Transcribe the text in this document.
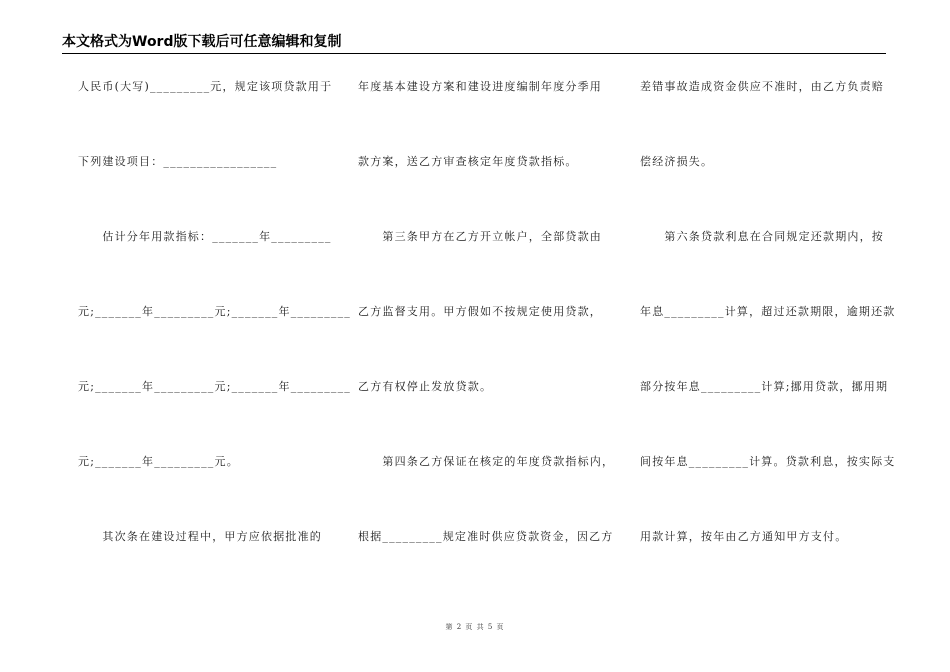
本文格式为Word版下载后可任意编辑和复制
人民币(大写)_________元，规定该项贷款用于
下列建设项目：_________________
　　估计分年用款指标：_______年_________
元;_______年_________元;_______年_________
元;_______年_________元;_______年_________
元;_______年_________元。
　　其次条在建设过程中，甲方应依据批准的
年度基本建设方案和建设进度编制年度分季用
款方案，送乙方审查核定年度贷款指标。
　　第三条甲方在乙方开立帐户，全部贷款由
乙方监督支用。甲方假如不按规定使用贷款，
乙方有权停止发放贷款。
　　第四条乙方保证在核定的年度贷款指标内，
根据_________规定准时供应贷款资金，因乙方
差错事故造成资金供应不准时，由乙方负责赔
偿经济损失。
　　第六条贷款利息在合同规定还款期内，按
年息_________计算，超过还款期限，逾期还款
部分按年息_________计算;挪用贷款，挪用期
间按年息_________计算。贷款利息，按实际支
用款计算，按年由乙方通知甲方支付。
第 2 页 共 5 页
